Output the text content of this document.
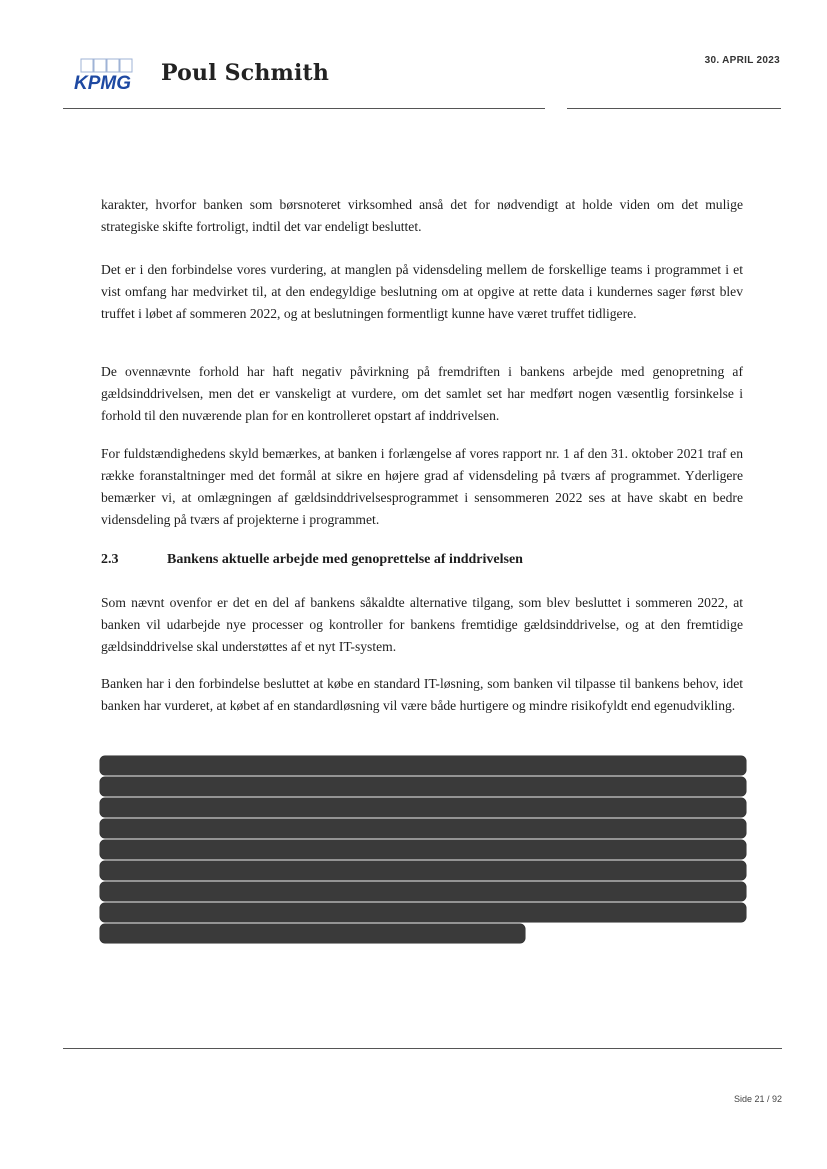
KPMG Poul Schmith	30. APRIL 2023
karakter, hvorfor banken som børsnoteret virksomhed anså det for nødvendigt at holde viden om det mulige strategiske skifte fortroligt, indtil det var endeligt besluttet.
Det er i den forbindelse vores vurdering, at manglen på vidensdeling mellem de forskellige teams i programmet i et vist omfang har medvirket til, at den endegyldige beslutning om at opgive at rette data i kundernes sager først blev truffet i løbet af sommeren 2022, og at beslutningen formentligt kunne have været truffet tidligere.
De ovennævnte forhold har haft negativ påvirkning på fremdriften i bankens arbejde med genopretning af gældsinddrivelsen, men det er vanskeligt at vurdere, om det samlet set har medført nogen væsentlig forsinkelse i forhold til den nuværende plan for en kontrolleret opstart af inddrivelsen.
For fuldstændighedens skyld bemærkes, at banken i forlængelse af vores rapport nr. 1 af den 31. oktober 2021 traf en række foranstaltninger med det formål at sikre en højere grad af vidensdeling på tværs af programmet. Yderligere bemærker vi, at omlægningen af gældsinddrivelsesprogrammet i sensommeren 2022 ses at have skabt en bedre vidensdeling på tværs af projekterne i programmet.
2.3	Bankens aktuelle arbejde med genoprettelse af inddrivelsen
Som nævnt ovenfor er det en del af bankens såkaldte alternative tilgang, som blev besluttet i sommeren 2022, at banken vil udarbejde nye processer og kontroller for bankens fremtidige gældsinddrivelse, og at den fremtidige gældsinddrivelse skal understøttes af et nyt IT-system.
Banken har i den forbindelse besluttet at købe en standard IT-løsning, som banken vil tilpasse til bankens behov, idet banken har vurderet, at købet af en standardløsning vil være både hurtigere og mindre risikofyldt end egenudvikling.
Side 21 / 92
